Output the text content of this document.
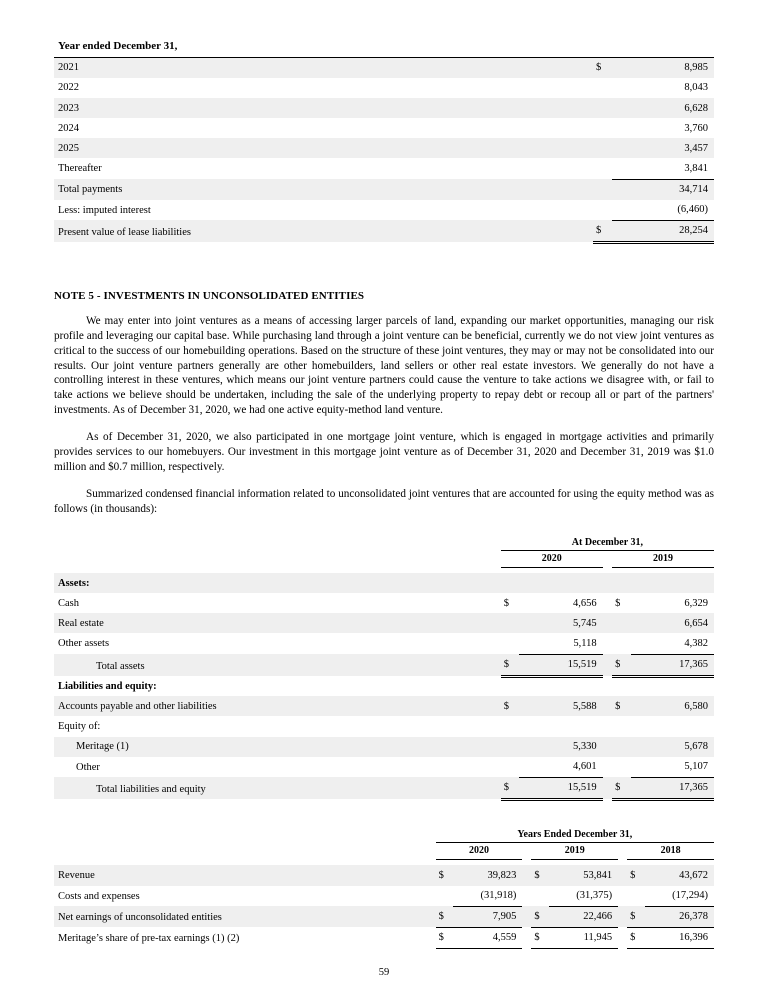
Year ended December 31,		
2021	$	8,985
2022		8,043
2023		6,628
2024		3,760
2025		3,457
Thereafter		3,841
Total payments		34,714
Less: imputed interest		(6,460)
Present value of lease liabilities	$	28,254
NOTE 5 - INVESTMENTS IN UNCONSOLIDATED ENTITIES

We may enter into joint ventures as a means of accessing larger parcels of land, expanding our market opportunities, managing our risk profile and leveraging our capital base. While purchasing land through a joint venture can be beneficial, currently we do not view joint ventures as critical to the success of our homebuilding operations. Based on the structure of these joint ventures, they may or may not be consolidated into our results. Our joint venture partners generally are other homebuilders, land sellers or other real estate investors. We generally do not have a controlling interest in these ventures, which means our joint venture partners could cause the venture to take actions we disagree with, or fail to take actions we believe should be undertaken, including the sale of the underlying property to repay debt or recoup all or part of the partners' investments. As of December 31, 2020, we had one active equity-method land venture.

As of December 31, 2020, we also participated in one mortgage joint venture, which is engaged in mortgage activities and primarily provides services to our homebuyers. Our investment in this mortgage joint venture as of December 31, 2020 and December 31, 2019 was $1.0 million and $0.7 million, respectively.

Summarized condensed financial information related to unconsolidated joint ventures that are accounted for using the equity method was as follows (in thousands):

	At December 31,				
	2020			2019	

Assets:					
Cash	$	4,656		$	6,329
Real estate		5,745			6,654
Other assets		5,118			4,382
Total assets	$	15,519		$	17,365
Liabilities and equity:					
Accounts payable and other liabilities	$	5,588		$	6,580
Equity of:					
Meritage (1)		5,330			5,678
Other		4,601			5,107
Total liabilities and equity	$	15,519		$	17,365
	Years Ended December 31,							
	2020			2019			2018	

Revenue	$	39,823		$	53,841		$	43,672
Costs and expenses		(31,918)			(31,375)			(17,294)
Net earnings of unconsolidated entities	$	7,905		$	22,466		$	26,378
Meritage’s share of pre-tax earnings (1) (2)	$	4,559		$	11,945		$	16,396
59
